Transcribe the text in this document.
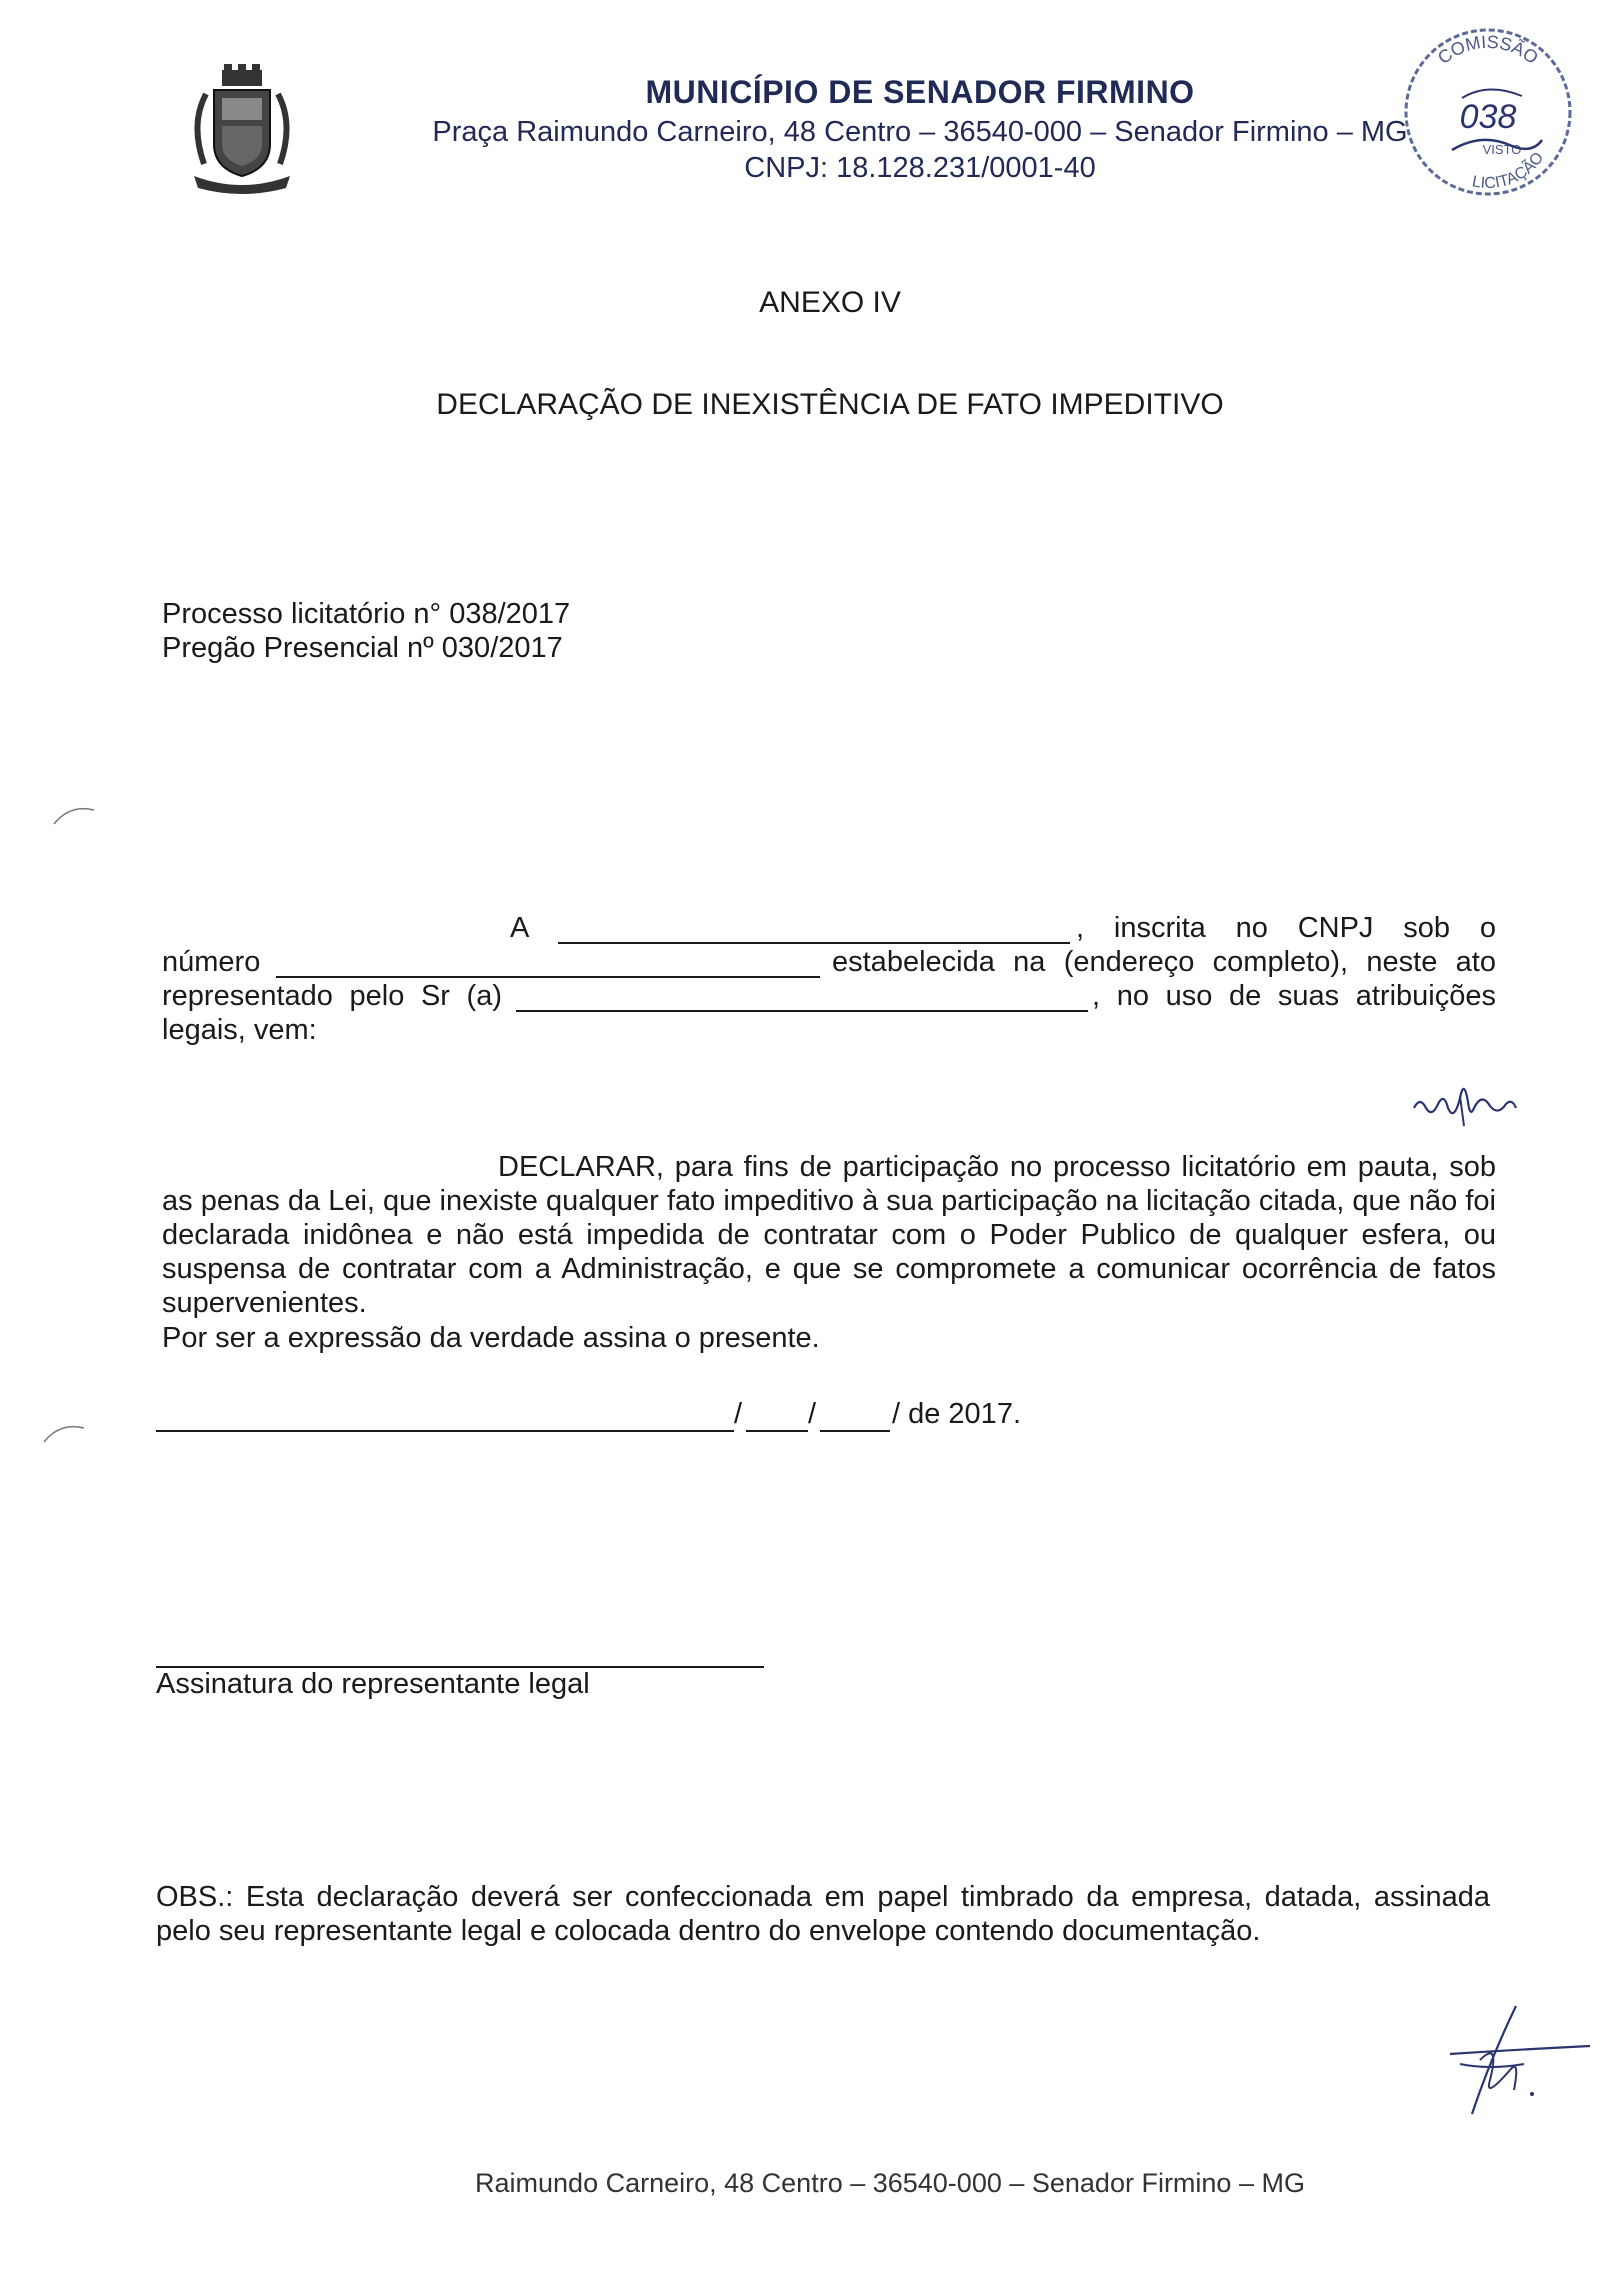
MUNICÍPIO DE SENADOR FIRMINO
Praça Raimundo Carneiro, 48 Centro – 36540-000 – Senador Firmino – MG
CNPJ: 18.128.231/0001-40
COMISSÃO
038
VISTO
LICITAÇÃO
ANEXO IV
DECLARAÇÃO DE INEXISTÊNCIA DE FATO IMPEDITIVO
Processo licitatório n° 038/2017
Pregão Presencial nº 030/2017
A	, inscrita no CNPJ sob o
número	estabelecida na (endereço completo), neste ato
representado pelo Sr (a)	, no uso de suas atribuições
legais, vem:
DECLARAR, para fins de participação no processo licitatório em pauta, sob as penas da Lei, que inexiste qualquer fato impeditivo à sua participação na licitação citada, que não foi declarada inidônea e não está impedida de contratar com o Poder Publico de qualquer esfera, ou suspensa de contratar com a Administração, e que se compromete a comunicar ocorrência de fatos supervenientes.
Por ser a expressão da verdade assina o presente.
/ /	/ de 2017.
Assinatura do representante legal
OBS.: Esta declaração deverá ser confeccionada em papel timbrado da empresa, datada, assinada pelo seu representante legal e colocada dentro do envelope contendo documentação.
Raimundo Carneiro, 48 Centro – 36540-000 – Senador Firmino – MG
